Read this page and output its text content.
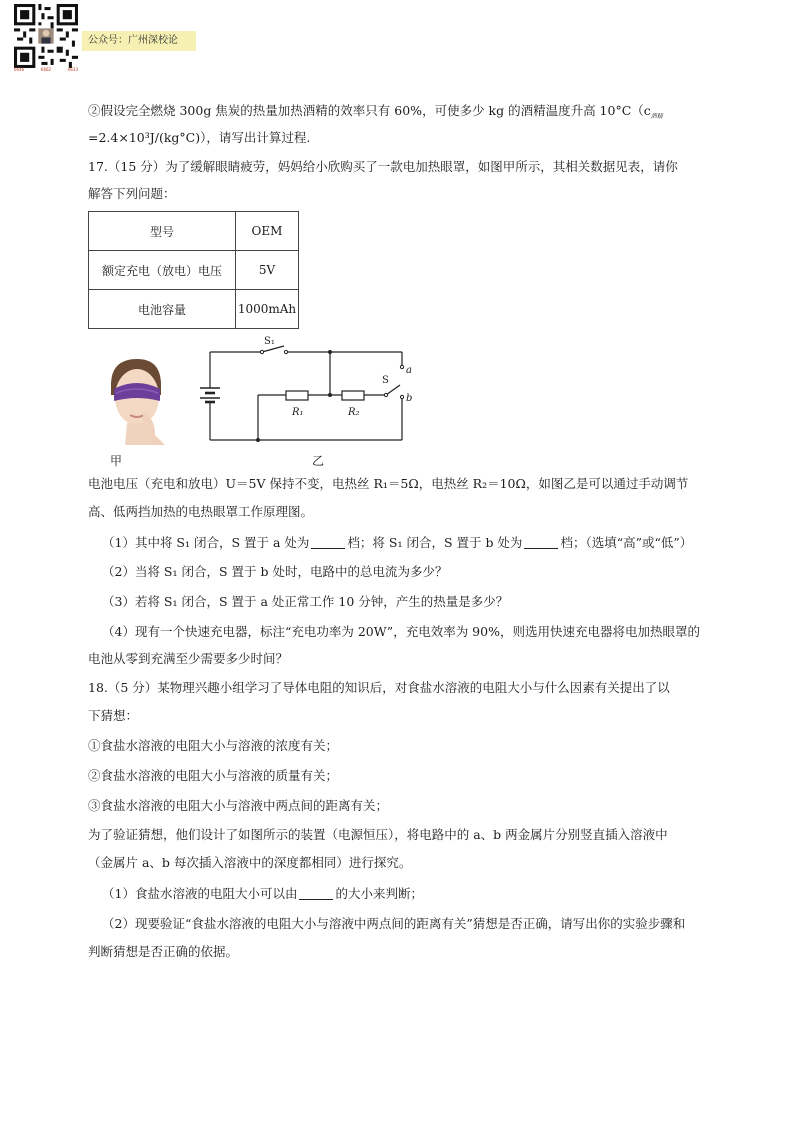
6646	6662	6633
公众号：广州深校论
②假设完全燃烧 300g 焦炭的热量加热酒精的效率只有 60%，可使多少 kg 的酒精温度升高 $10^\circ C(c_{酒精}$
=2.4×10³J/(kg°C)），请写出计算过程.
17.（15 分）为了缓解眼睛疲劳，妈妈给小欣购买了一款电加热眼罩，如图甲所示，其相关数据见表，请你
解答下列问题：
型号	OEM
额定充电（放电）电压	5V
电池容量	1000mAh
S₁
S
a
b
R₁	R₂
甲	乙
电池电压（充电和放电）U＝5V 保持不变，电热丝 R₁＝5Ω，电热丝 R₂＝10Ω，如图乙是可以通过手动调节
高、低两挡加热的电热眼罩工作原理图。
（1）其中将 S₁ 闭合，S 置于 a 处为	档；将 S₁ 闭合，S 置于 b 处为	档；（选填“高”或“低”）
（2）当将 S₁ 闭合，S 置于 b 处时，电路中的总电流为多少？
（3）若将 S₁ 闭合，S 置于 a 处正常工作 10 分钟，产生的热量是多少？
（4）现有一个快速充电器，标注“充电功率为 20W”，充电效率为 90%，则选用快速充电器将电加热眼罩的
电池从零到充满至少需要多少时间？
18.（5 分）某物理兴趣小组学习了导体电阻的知识后，对食盐水溶液的电阻大小与什么因素有关提出了以
下猜想：
①食盐水溶液的电阻大小与溶液的浓度有关；
②食盐水溶液的电阻大小与溶液的质量有关；
③食盐水溶液的电阻大小与溶液中两点间的距离有关；
为了验证猜想，他们设计了如图所示的装置（电源恒压），将电路中的 a、b 两金属片分别竖直插入溶液中
（金属片 a、b 每次插入溶液中的深度都相同）进行探究。
（1）食盐水溶液的电阻大小可以由	的大小来判断；
（2）现要验证“食盐水溶液的电阻大小与溶液中两点间的距离有关”猜想是否正确，请写出你的实验步骤和
判断猜想是否正确的依据。
